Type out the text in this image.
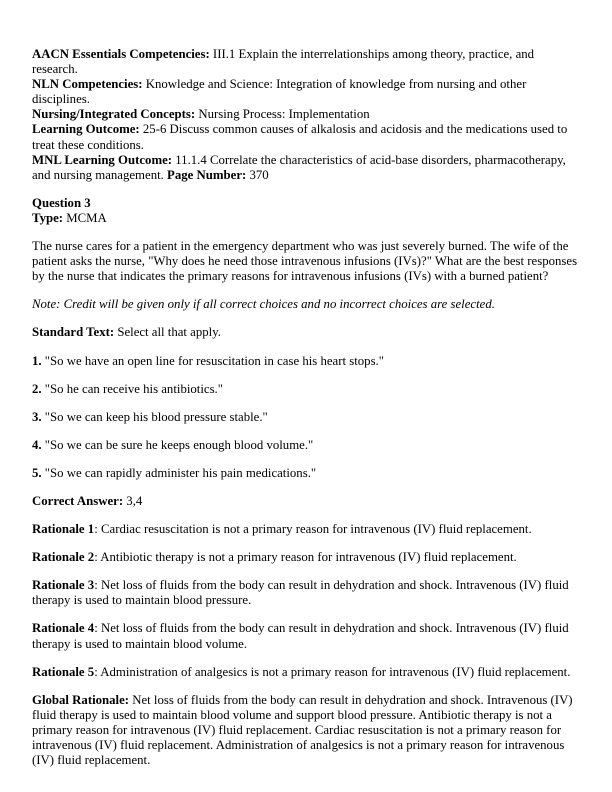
AACN Essentials Competencies: III.1 Explain the interrelationships among theory, practice, and research.

NLN Competencies: Knowledge and Science: Integration of knowledge from nursing and other disciplines.

Nursing/Integrated Concepts: Nursing Process: Implementation

Learning Outcome: 25-6 Discuss common causes of alkalosis and acidosis and the medications used to treat these conditions.

MNL Learning Outcome: 11.1.4 Correlate the characteristics of acid-base disorders, pharmacotherapy, and nursing management. Page Number: 370

Question 3

Type: MCMA

The nurse cares for a patient in the emergency department who was just severely burned. The wife of the patient asks the nurse, "Why does he need those intravenous infusions (IVs)?" What are the best responses by the nurse that indicates the primary reasons for intravenous infusions (IVs) with a burned patient?

Note: Credit will be given only if all correct choices and no incorrect choices are selected.

Standard Text: Select all that apply.

1. "So we have an open line for resuscitation in case his heart stops."

2. "So he can receive his antibiotics."

3. "So we can keep his blood pressure stable."

4. "So we can be sure he keeps enough blood volume."

5. "So we can rapidly administer his pain medications."

Correct Answer: 3,4

Rationale 1: Cardiac resuscitation is not a primary reason for intravenous (IV) fluid replacement.

Rationale 2: Antibiotic therapy is not a primary reason for intravenous (IV) fluid replacement.

Rationale 3: Net loss of fluids from the body can result in dehydration and shock. Intravenous (IV) fluid therapy is used to maintain blood pressure.

Rationale 4: Net loss of fluids from the body can result in dehydration and shock. Intravenous (IV) fluid therapy is used to maintain blood volume.

Rationale 5: Administration of analgesics is not a primary reason for intravenous (IV) fluid replacement.

Global Rationale: Net loss of fluids from the body can result in dehydration and shock. Intravenous (IV) fluid therapy is used to maintain blood volume and support blood pressure. Antibiotic therapy is not a primary reason for intravenous (IV) fluid replacement. Cardiac resuscitation is not a primary reason for intravenous (IV) fluid replacement. Administration of analgesics is not a primary reason for intravenous (IV) fluid replacement.
